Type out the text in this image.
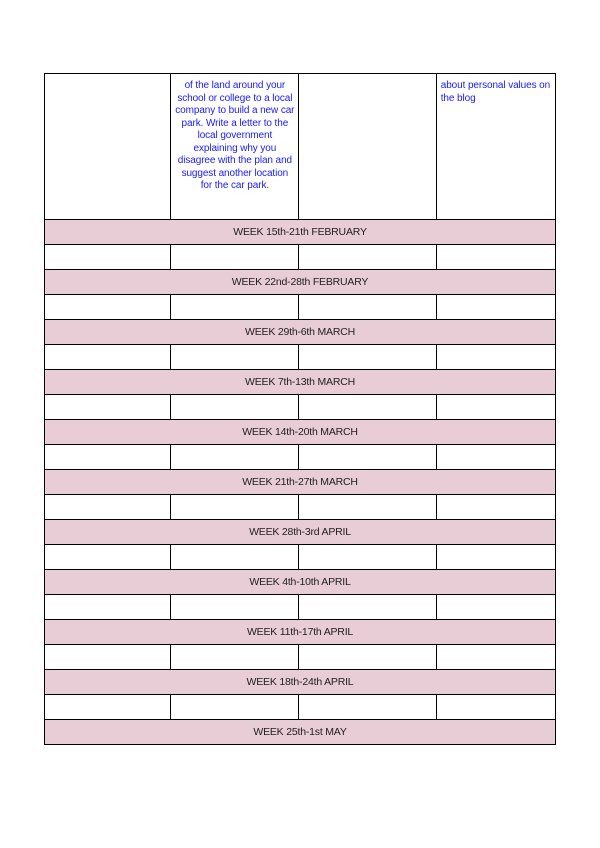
	of the land around your school or college to a local company to build a new car park. Write a letter to the local government explaining why you disagree with the plan and suggest another location for the car park.		about personal values on the blog

WEEK 15th-21th FEBRUARY			

WEEK 22nd-28th FEBRUARY			

WEEK 29th-6th MARCH			

WEEK 7th-13th MARCH			

WEEK 14th-20th MARCH			

WEEK 21th-27th MARCH			

WEEK 28th-3rd APRIL			

WEEK 4th-10th APRIL			

WEEK 11th-17th APRIL			

WEEK 18th-24th APRIL			

WEEK 25th-1st MAY			
